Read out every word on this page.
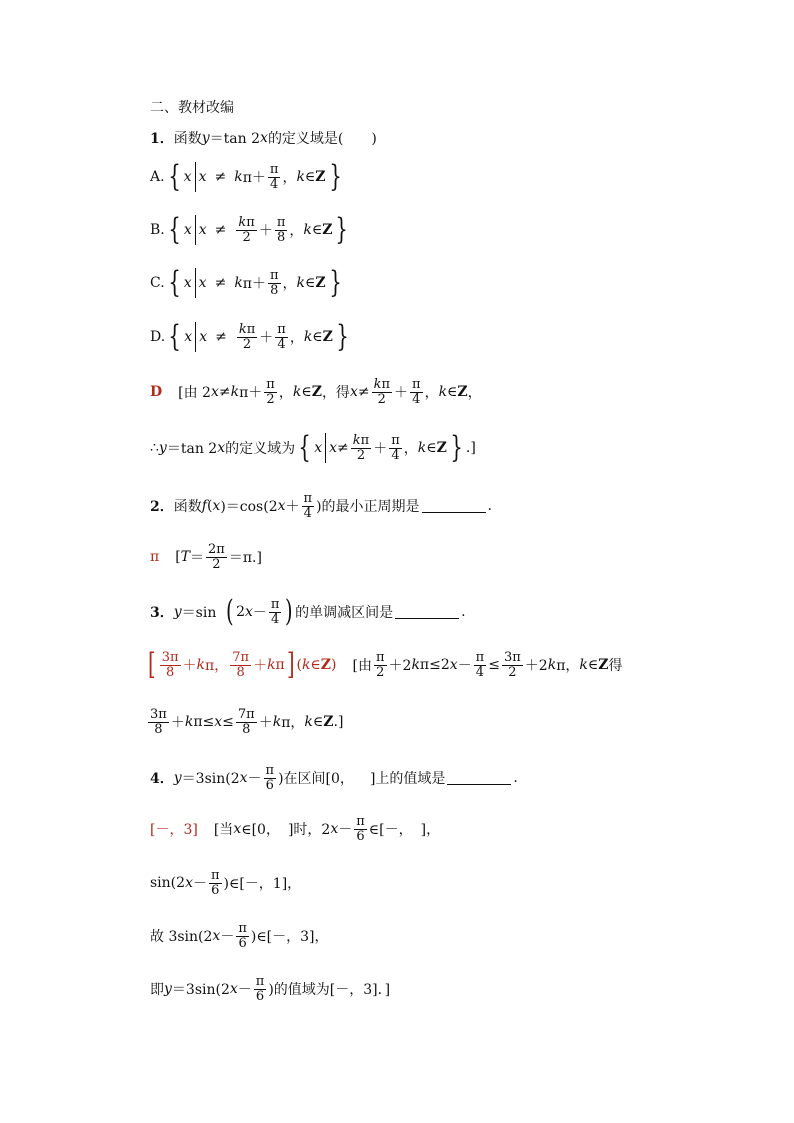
二、教材改编
1． 函数 y ＝tan 2 x 的定义域是(　　)
A. { x x ≠ k $\pi+ \frac{\pi}{4}$ ， k ∈ Z }
B. { x $x \ne \frac{k\pi}{2} + \frac{\pi}{8}$ ， k ∈ Z }
C. { x x ≠ k $\pi+ \frac{\pi}{8}$ ， k ∈ Z }
D. { x $x \ne \frac{k\pi}{2} + \frac{\pi}{4}$ ， k ∈ Z }
D [由 2 x ≠ k $\pi+ \frac{\pi}{2}$ ， k ∈ Z ，得 $x \ne \frac{k\pi}{2} + \frac{\pi}{4}$ ， k ∈ Z ，
∴ y ＝tan 2 x 的定义域为 { x $x \ne \frac{k\pi}{2} + \frac{\pi}{4}$ ， k ∈ Z } .]
2． 函数 f ( x )＝cos(2 $x + \frac{\pi}{4}$ )的最小正周期是	.
π [ $T = \frac{2\pi}{2} =\pi$.]
3． y ＝sin ( 2 $x - \frac{\pi}{4}$ ) 的单调减区间是	.
[ $\frac{3\pi}{8} + k$ π， $\frac{7\pi}{8} + k$ π ] ( k ∈ Z ) [由 $\frac{\pi}{2} +2$ k π≤2 $x - \frac{\pi}{4} \le \frac{3\pi}{2} +2$ k π， k ∈ Z 得
$\frac{3\pi}{8} + k$ $\pi\le x \le \frac{7\pi}{8} + k$ π， k ∈ Z .]
4． y ＝3sin(2 $x - \frac{\pi}{6}$ )在区间[0， ]上的值域是	.
[－，3] [当 x ∈[0， ]时，2 $x - \frac{\pi}{6}$ ∈[－， ]，
sin(2 $x - \frac{\pi}{6}$ )∈[－，1]，
故 3sin(2 $x - \frac{\pi}{6}$ )∈[－，3]，
即 y ＝3sin(2 $x - \frac{\pi}{6}$ )的值域为[－，3]．]
